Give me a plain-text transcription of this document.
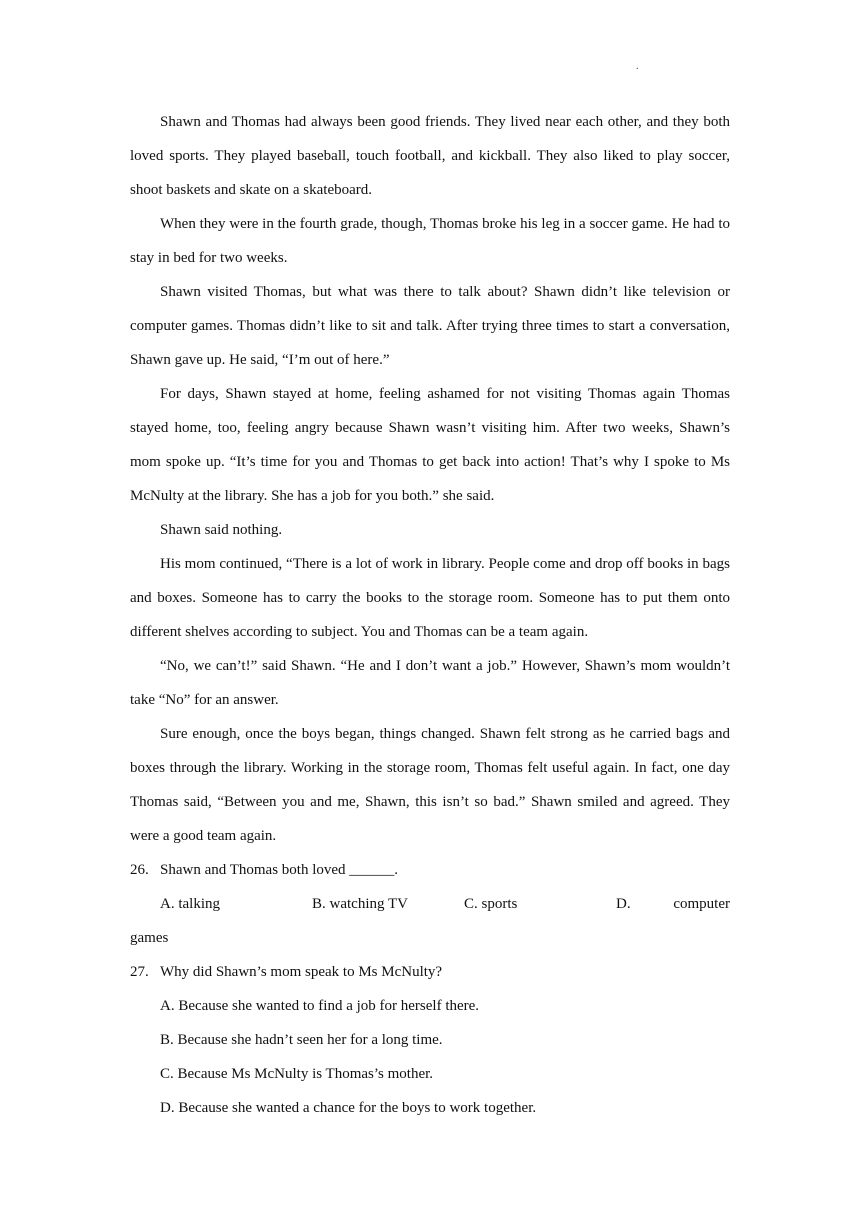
.

Shawn and Thomas had always been good friends. They lived near each other, and they both loved sports. They played baseball, touch football, and kickball. They also liked to play soccer, shoot baskets and skate on a skateboard.

When they were in the fourth grade, though, Thomas broke his leg in a soccer game. He had to stay in bed for two weeks.

Shawn visited Thomas, but what was there to talk about? Shawn didn’t like television or computer games. Thomas didn’t like to sit and talk. After trying three times to start a conversation, Shawn gave up. He said, “I’m out of here.”

For days, Shawn stayed at home, feeling ashamed for not visiting Thomas again Thomas stayed home, too, feeling angry because Shawn wasn’t visiting him. After two weeks, Shawn’s mom spoke up. “It’s time for you and Thomas to get back into action! That’s why I spoke to Ms McNulty at the library. She has a job for you both.” she said.

Shawn said nothing.

His mom continued, “There is a lot of work in library. People come and drop off books in bags and boxes. Someone has to carry the books to the storage room. Someone has to put them onto different shelves according to subject. You and Thomas can be a team again.

“No, we can’t!” said Shawn. “He and I don’t want a job.” However, Shawn’s mom wouldn’t take “No” for an answer.

Sure enough, once the boys began, things changed. Shawn felt strong as he carried bags and boxes through the library. Working in the storage room, Thomas felt useful again. In fact, one day Thomas said, “Between you and me, Shawn, this isn’t so bad.” Shawn smiled and agreed. They were a good team again.

26. Shawn and Thomas both loved ______.
A. talking	B. watching TV	C. sports	D.	computer

games

27. Why did Shawn’s mom speak to Ms McNulty?

A. Because she wanted to find a job for herself there.

B. Because she hadn’t seen her for a long time.

C. Because Ms McNulty is Thomas’s mother.

D. Because she wanted a chance for the boys to work together.
